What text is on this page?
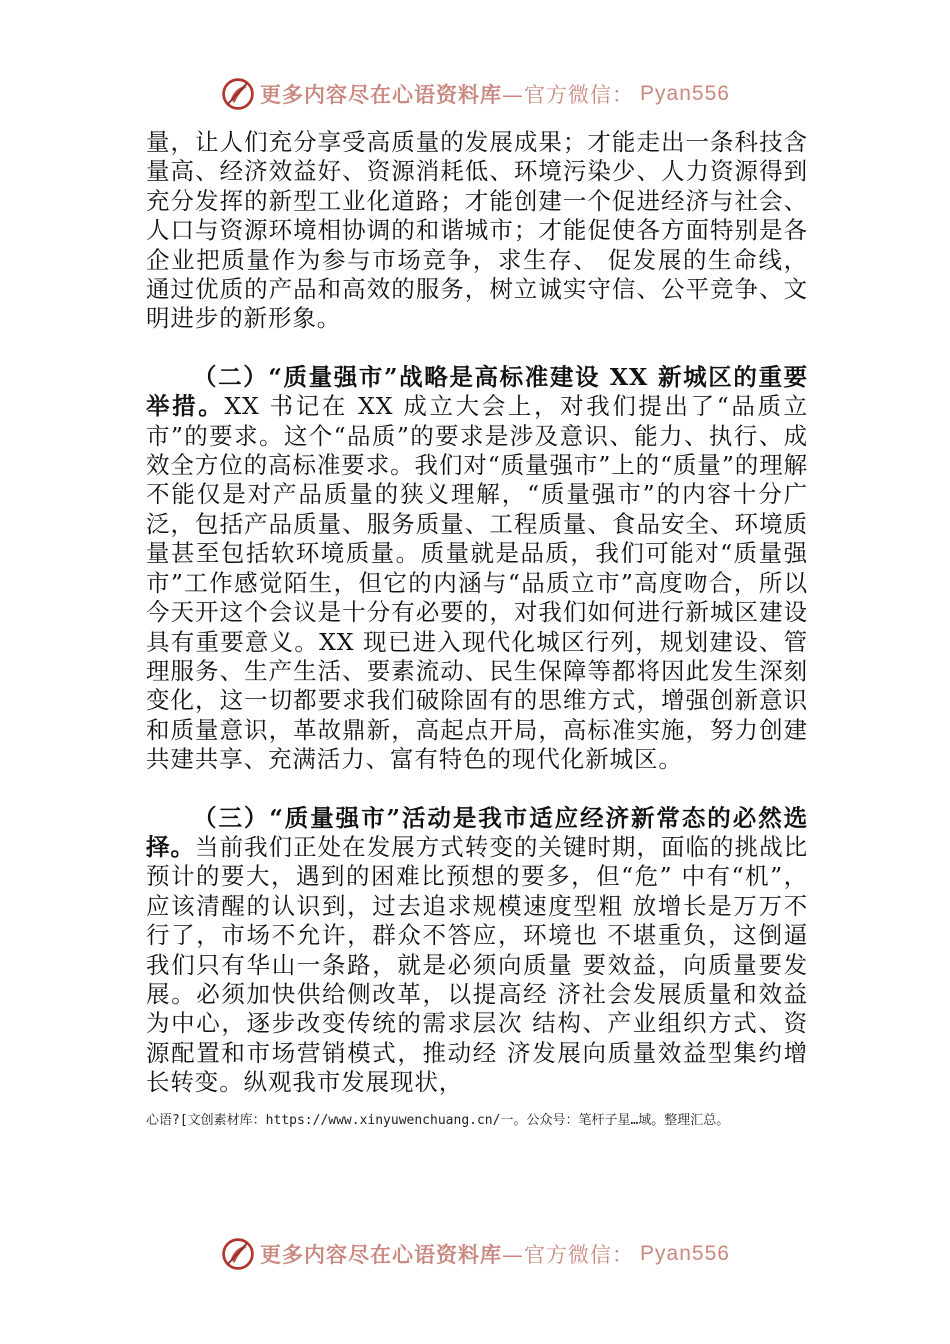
更多内容尽在心语资料库 —官方微信： Pyan556

量，让人们充分享受高质量的发展成果；才能走出一条科技含量高、经济效益好、资源消耗低、环境污染少、人力资源得到充分发挥的新型工业化道路；才能创建一个促进经济与社会、人口与资源环境相协调的和谐城市；才能促使各方面特别是各企业把质量作为参与市场竞争，求生存、 促发展的生命线，通过优质的产品和高效的服务，树立诚实守信、公平竞争、文明进步的新形象。

（二）“质量强市”战略是高标准建设 XX 新城区的重要举措。XX 书记在 XX 成立大会上，对我们提出了“品质立市”的要求。这个“品质”的要求是涉及意识、能力、执行、成效全方位的高标准要求。我们对“质量强市”上的“质量”的理解不能仅是对产品质量的狭义理解，“质量强市”的内容十分广泛，包括产品质量、服务质量、工程质量、食品安全、环境质量甚至包括软环境质量。质量就是品质，我们可能对“质量强市”工作感觉陌生，但它的内涵与“品质立市”高度吻合，所以今天开这个会议是十分有必要的，对我们如何进行新城区建设具有重要意义。XX 现已进入现代化城区行列，规划建设、管理服务、生产生活、要素流动、民生保障等都将因此发生深刻变化，这一切都要求我们破除固有的思维方式，增强创新意识和质量意识，革故鼎新，高起点开局，高标准实施，努力创建共建共享、充满活力、富有特色的现代化新城区。

（三）“质量强市”活动是我市适应经济新常态的必然选择。当前我们正处在发展方式转变的关键时期，面临的挑战比预计的要大，遇到的困难比预想的要多，但“危” 中有“机”，应该清醒的认识到，过去追求规模速度型粗 放增长是万万不行了，市场不允许，群众不答应，环境也 不堪重负，这倒逼我们只有华山一条路，就是必须向质量 要效益，向质量要发展。必须加快供给侧改革，以提高经 济社会发展质量和效益为中心，逐步改变传统的需求层次 结构、产业组织方式、资源配置和市场营销模式，推动经 济发展向质量效益型集约增长转变。纵观我市发展现状，

心语?[文创素材库：https://www.xinyuwenchuang.cn/一。公众号：笔杆子星…域。整理汇总。
更多内容尽在心语资料库 —官方微信： Pyan556
